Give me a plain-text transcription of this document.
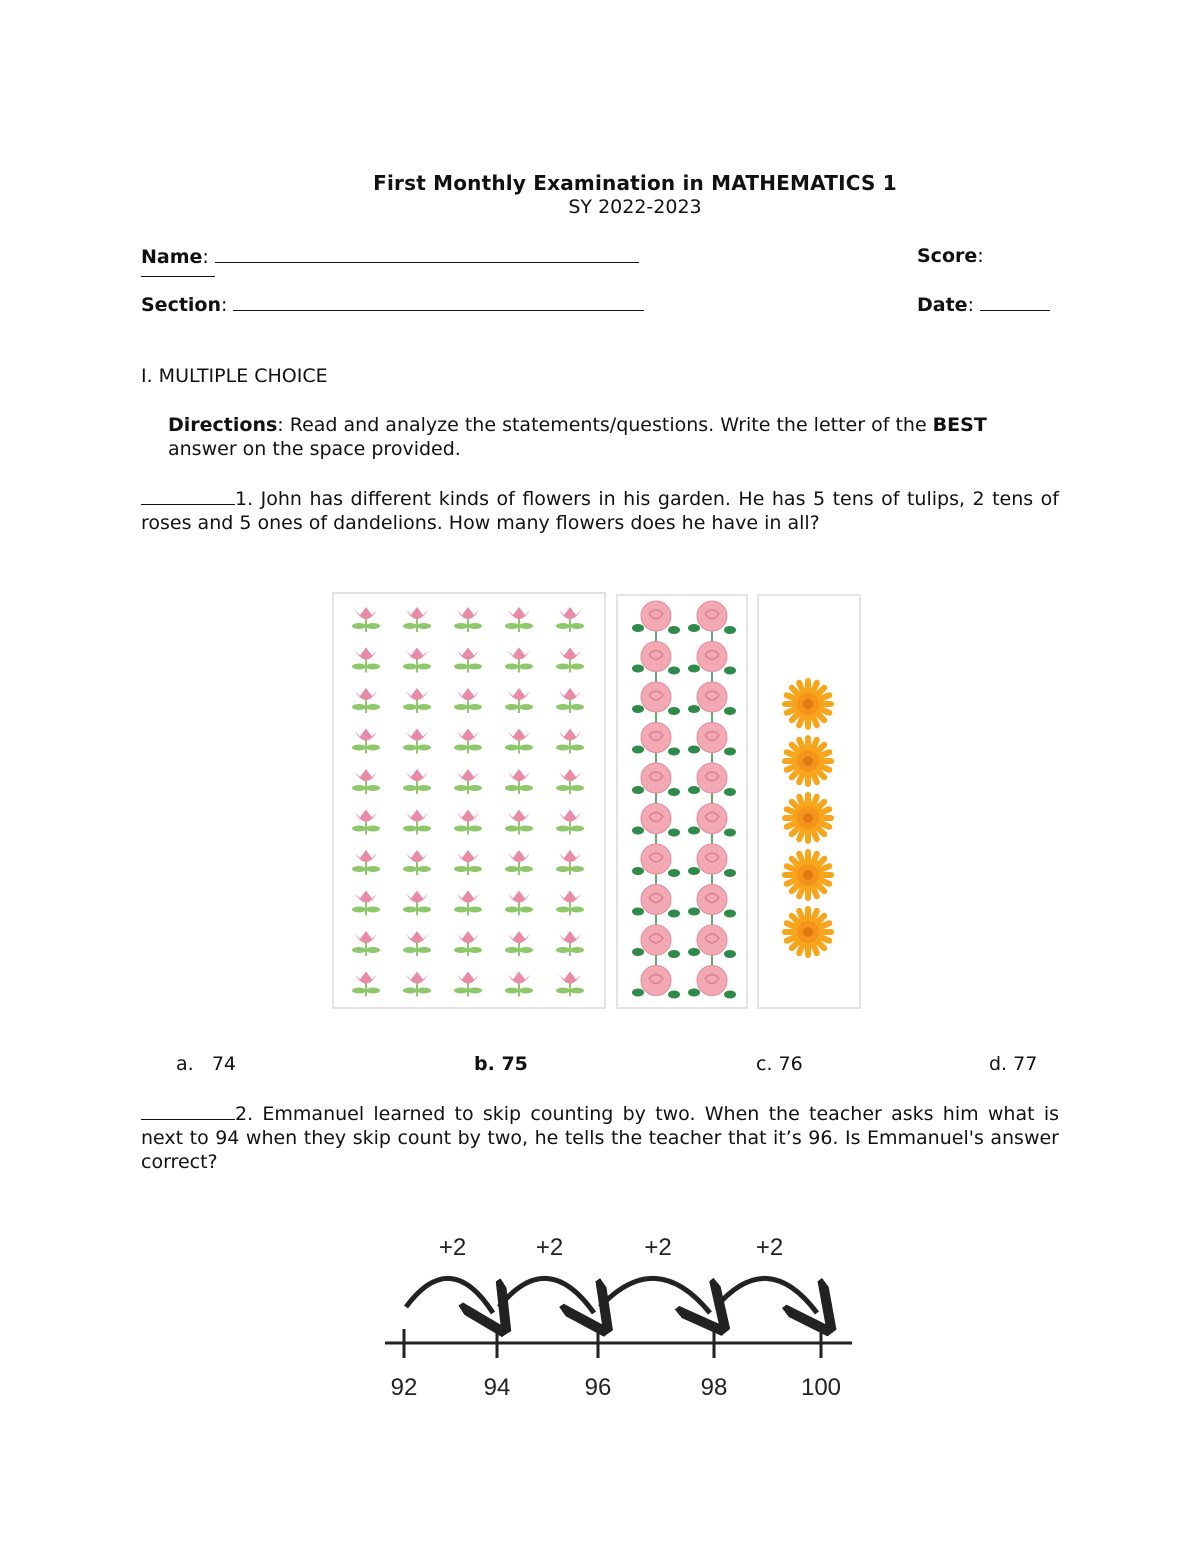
First Monthly Examination in MATHEMATICS 1
SY 2022-2023
Name:	Score:
Section:	Date:
I. MULTIPLE CHOICE
Directions: Read and analyze the statements/questions. Write the letter of the BEST answer on the space provided.
1. John has different kinds of flowers in his garden. He has 5 tens of tulips, 2 tens of roses and 5 ones of dandelions. How many flowers does he have in all?
a. 74	b. 75	c. 76	d. 77
2. Emmanuel learned to skip counting by two. When the teacher asks him what is next to 94 when they skip count by two, he tells the teacher that it’s 96. Is Emmanuel's answer correct?
92	94	96	98	100
+2	+2	+2	+2
